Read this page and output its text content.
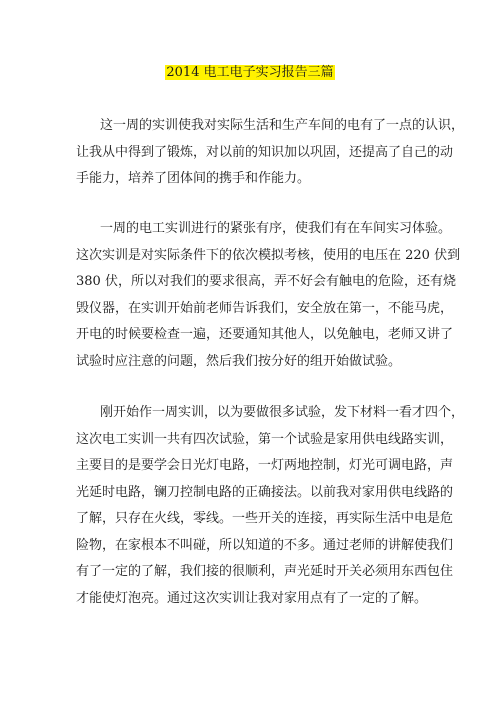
2014 电工电子实习报告三篇
这一周的实训使我对实际生活和生产车间的电有了一点的认识，
让我从中得到了锻炼，对以前的知识加以巩固，还提高了自己的动
手能力，培养了团体间的携手和作能力。
一周的电工实训进行的紧张有序，使我们有在车间实习体验。
这次实训是对实际条件下的依次模拟考核，使用的电压在 220 伏到
380 伏，所以对我们的要求很高，弄不好会有触电的危险，还有烧
毁仪器，在实训开始前老师告诉我们，安全放在第一，不能马虎，
开电的时候要检查一遍，还要通知其他人，以免触电，老师又讲了
试验时应注意的问题，然后我们按分好的组开始做试验。
刚开始作一周实训，以为要做很多试验，发下材料一看才四个，
这次电工实训一共有四次试验，第一个试验是家用供电线路实训，
主要目的是要学会日光灯电路，一灯两地控制，灯光可调电路，声
光延时电路，镧刀控制电路的正确接法。以前我对家用供电线路的
了解，只存在火线，零线。一些开关的连接，再实际生活中电是危
险物，在家根本不叫碰，所以知道的不多。通过老师的讲解使我们
有了一定的了解，我们接的很顺利，声光延时开关必须用东西包住
才能使灯泡亮。通过这次实训让我对家用点有了一定的了解。
